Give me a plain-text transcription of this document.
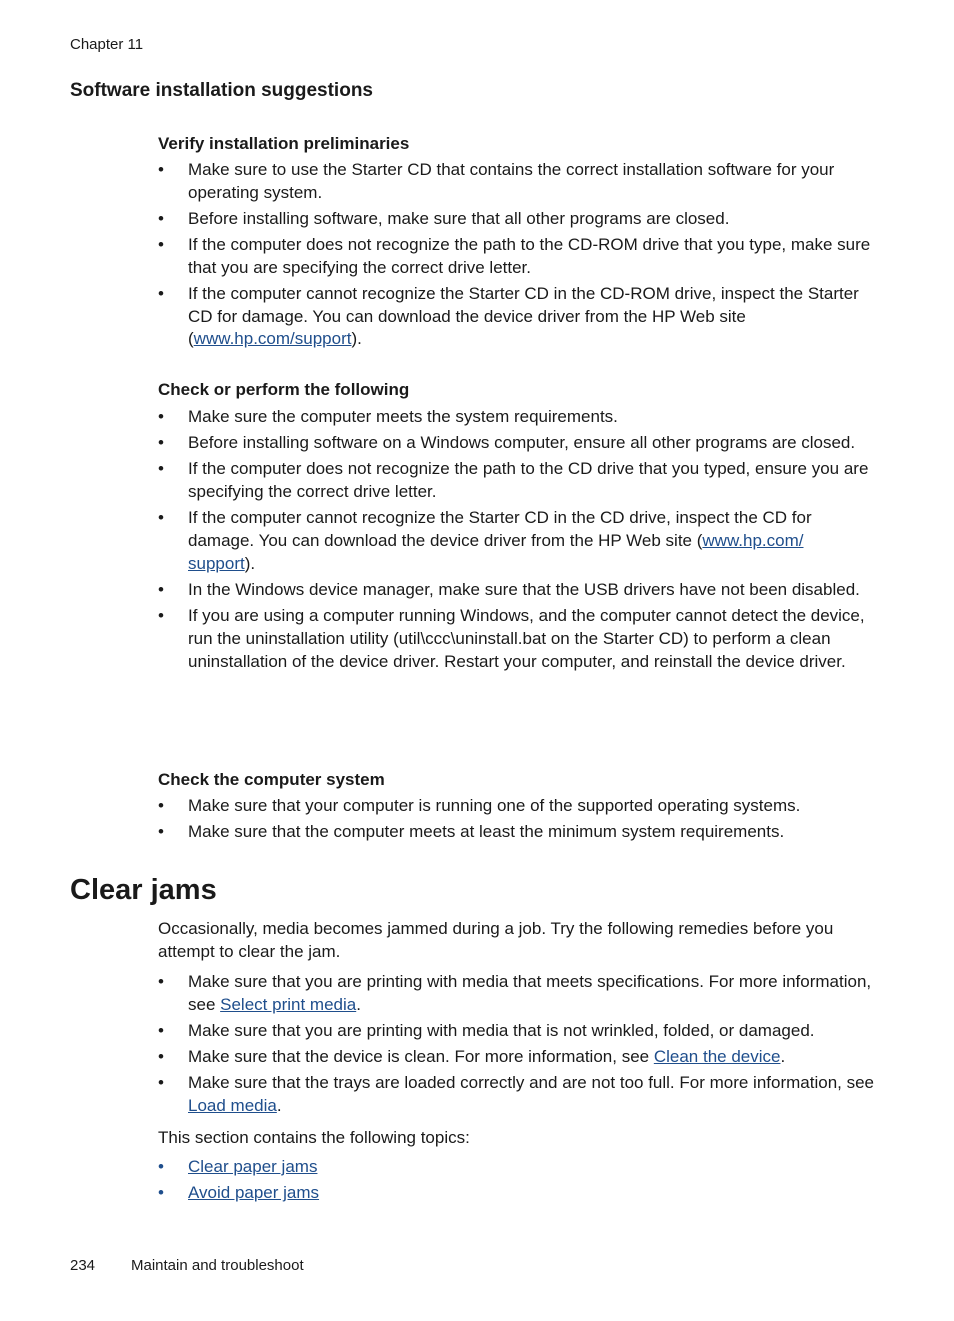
Chapter 11
Software installation suggestions
Verify installation preliminaries
• Make sure to use the Starter CD that contains the correct installation software for your operating system.
• Before installing software, make sure that all other programs are closed.
• If the computer does not recognize the path to the CD-ROM drive that you type, make sure that you are specifying the correct drive letter.
• If the computer cannot recognize the Starter CD in the CD-ROM drive, inspect the Starter CD for damage. You can download the device driver from the HP Web site (www.hp.com/support).
Check or perform the following
• Make sure the computer meets the system requirements.
• Before installing software on a Windows computer, ensure all other programs are closed.
• If the computer does not recognize the path to the CD drive that you typed, ensure you are specifying the correct drive letter.
• If the computer cannot recognize the Starter CD in the CD drive, inspect the CD for damage. You can download the device driver from the HP Web site (www.hp.com/
support).
• In the Windows device manager, make sure that the USB drivers have not been disabled.
• If you are using a computer running Windows, and the computer cannot detect the device, run the uninstallation utility (util\ccc\uninstall.bat on the Starter CD) to perform a clean uninstallation of the device driver. Restart your computer, and reinstall the device driver.
Check the computer system
• Make sure that your computer is running one of the supported operating systems.
• Make sure that the computer meets at least the minimum system requirements.
Clear jams
Occasionally, media becomes jammed during a job. Try the following remedies before you attempt to clear the jam.
• Make sure that you are printing with media that meets specifications. For more information, see Select print media.
• Make sure that you are printing with media that is not wrinkled, folded, or damaged.
• Make sure that the device is clean. For more information, see Clean the device.
• Make sure that the trays are loaded correctly and are not too full. For more information, see Load media.
This section contains the following topics:
• Clear paper jams
• Avoid paper jams
234 Maintain and troubleshoot
